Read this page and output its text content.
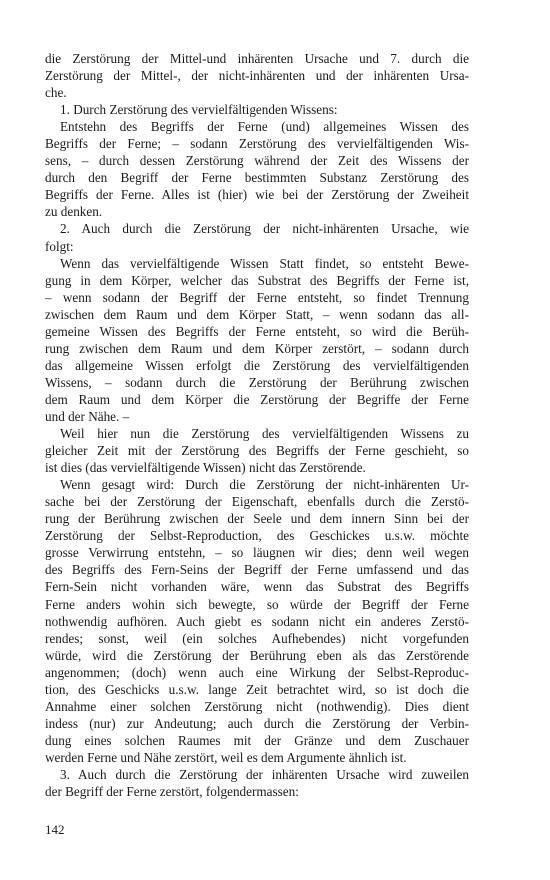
die Zerstörung der Mittel-und inhärenten Ursache und 7. durch die
Zerstörung der Mittel-, der nicht-inhärenten und der inhärenten Ursa-
che.
1. Durch Zerstörung des vervielfältigenden Wissens:
Entstehn des Begriffs der Ferne (und) allgemeines Wissen des
Begriffs der Ferne; – sodann Zerstörung des vervielfältigenden Wis-
sens, – durch dessen Zerstörung während der Zeit des Wissens der
durch den Begriff der Ferne bestimmten Substanz Zerstörung des
Begriffs der Ferne. Alles ist (hier) wie bei der Zerstörung der Zweiheit
zu denken.
2. Auch durch die Zerstörung der nicht-inhärenten Ursache, wie
folgt:
Wenn das vervielfältigende Wissen Statt findet, so entsteht Bewe-
gung in dem Körper, welcher das Substrat des Begriffs der Ferne ist,
– wenn sodann der Begriff der Ferne entsteht, so findet Trennung
zwischen dem Raum und dem Körper Statt, – wenn sodann das all-
gemeine Wissen des Begriffs der Ferne entsteht, so wird die Berüh-
rung zwischen dem Raum und dem Körper zerstört, – sodann durch
das allgemeine Wissen erfolgt die Zerstörung des vervielfältigenden
Wissens, – sodann durch die Zerstörung der Berührung zwischen
dem Raum und dem Körper die Zerstörung der Begriffe der Ferne
und der Nähe. –
Weil hier nun die Zerstörung des vervielfältigenden Wissens zu
gleicher Zeit mit der Zerstörung des Begriffs der Ferne geschieht, so
ist dies (das vervielfältigende Wissen) nicht das Zerstörende.
Wenn gesagt wird: Durch die Zerstörung der nicht-inhärenten Ur-
sache bei der Zerstörung der Eigenschaft, ebenfalls durch die Zerstö-
rung der Berührung zwischen der Seele und dem innern Sinn bei der
Zerstörung der Selbst-Reproduction, des Geschickes u.s.w. möchte
grosse Verwirrung entstehn, – so läugnen wir dies; denn weil wegen
des Begriffs des Fern-Seins der Begriff der Ferne umfassend und das
Fern-Sein nicht vorhanden wäre, wenn das Substrat des Begriffs
Ferne anders wohin sich bewegte, so würde der Begriff der Ferne
nothwendig aufhören. Auch giebt es sodann nicht ein anderes Zerstö-
rendes; sonst, weil (ein solches Aufhebendes) nicht vorgefunden
würde, wird die Zerstörung der Berührung eben als das Zerstörende
angenommen; (doch) wenn auch eine Wirkung der Selbst-Reproduc-
tion, des Geschicks u.s.w. lange Zeit betrachtet wird, so ist doch die
Annahme einer solchen Zerstörung nicht (nothwendig). Dies dient
indess (nur) zur Andeutung; auch durch die Zerstörung der Verbin-
dung eines solchen Raumes mit der Gränze und dem Zuschauer
werden Ferne und Nähe zerstört, weil es dem Argumente ähnlich ist.
3. Auch durch die Zerstörung der inhärenten Ursache wird zuweilen
der Begriff der Ferne zerstört, folgendermassen:
142
